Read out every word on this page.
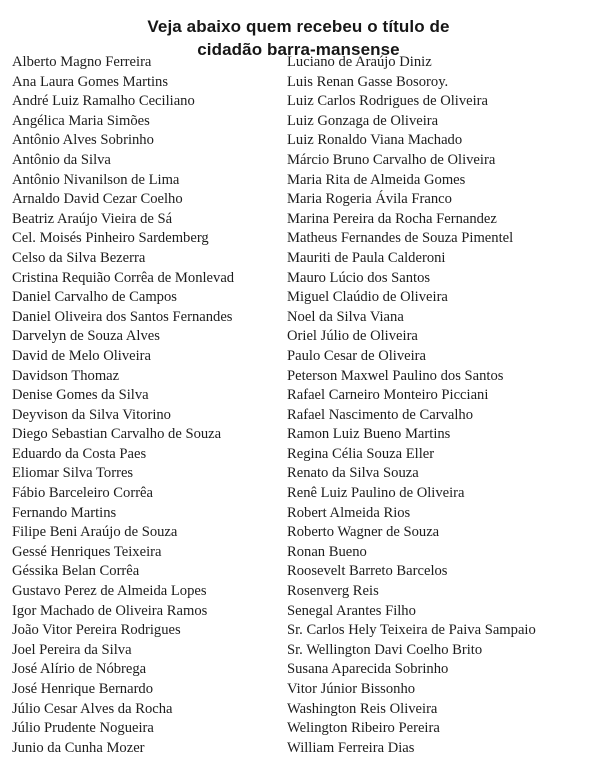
Veja abaixo quem recebeu o título de
cidadão barra-mansense
Alberto Magno Ferreira
Ana Laura Gomes Martins
André Luiz Ramalho Ceciliano
Angélica Maria Simões
Antônio Alves Sobrinho
Antônio da Silva
Antônio Nivanilson de Lima
Arnaldo David Cezar Coelho
Beatriz Araújo Vieira de Sá
Cel. Moisés Pinheiro Sardemberg
Celso da Silva Bezerra
Cristina Requião Corrêa de Monlevad
Daniel Carvalho de Campos
Daniel Oliveira dos Santos Fernandes
Darvelyn de Souza Alves
David de Melo Oliveira
Davidson Thomaz
Denise Gomes da Silva
Deyvison da Silva Vitorino
Diego Sebastian Carvalho de Souza
Eduardo da Costa Paes
Eliomar Silva Torres
Fábio Barceleiro Corrêa
Fernando Martins
Filipe Beni Araújo de Souza
Gessé Henriques Teixeira
Géssika Belan Corrêa
Gustavo Perez de Almeida Lopes
Igor Machado de Oliveira Ramos
João Vitor Pereira Rodrigues
Joel Pereira da Silva
José Alírio de Nóbrega
José Henrique Bernardo
Júlio Cesar Alves da Rocha
Júlio Prudente Nogueira
Junio da Cunha Mozer
Luciano de Araújo Diniz
Luis Renan Gasse Bosoroy.
Luiz Carlos Rodrigues de Oliveira
Luiz Gonzaga de Oliveira
Luiz Ronaldo Viana Machado
Márcio Bruno Carvalho de Oliveira
Maria Rita de Almeida Gomes
Maria Rogeria Ávila Franco
Marina Pereira da Rocha Fernandez
Matheus Fernandes de Souza Pimentel
Mauriti de Paula Calderoni
Mauro Lúcio dos Santos
Miguel Claúdio de Oliveira
Noel da Silva Viana
Oriel Júlio de Oliveira
Paulo Cesar de Oliveira
Peterson Maxwel Paulino dos Santos
Rafael Carneiro Monteiro Picciani
Rafael Nascimento de Carvalho
Ramon Luiz Bueno Martins
Regina Célia Souza Eller
Renato da Silva Souza
Renê Luiz Paulino de Oliveira
Robert Almeida Rios
Roberto Wagner de Souza
Ronan Bueno
Roosevelt Barreto Barcelos
Rosenverg Reis
Senegal Arantes Filho
Sr. Carlos Hely Teixeira de Paiva Sampaio
Sr. Wellington Davi Coelho Brito
Susana Aparecida Sobrinho
Vitor Júnior Bissonho
Washington Reis Oliveira
Welington Ribeiro Pereira
William Ferreira Dias
